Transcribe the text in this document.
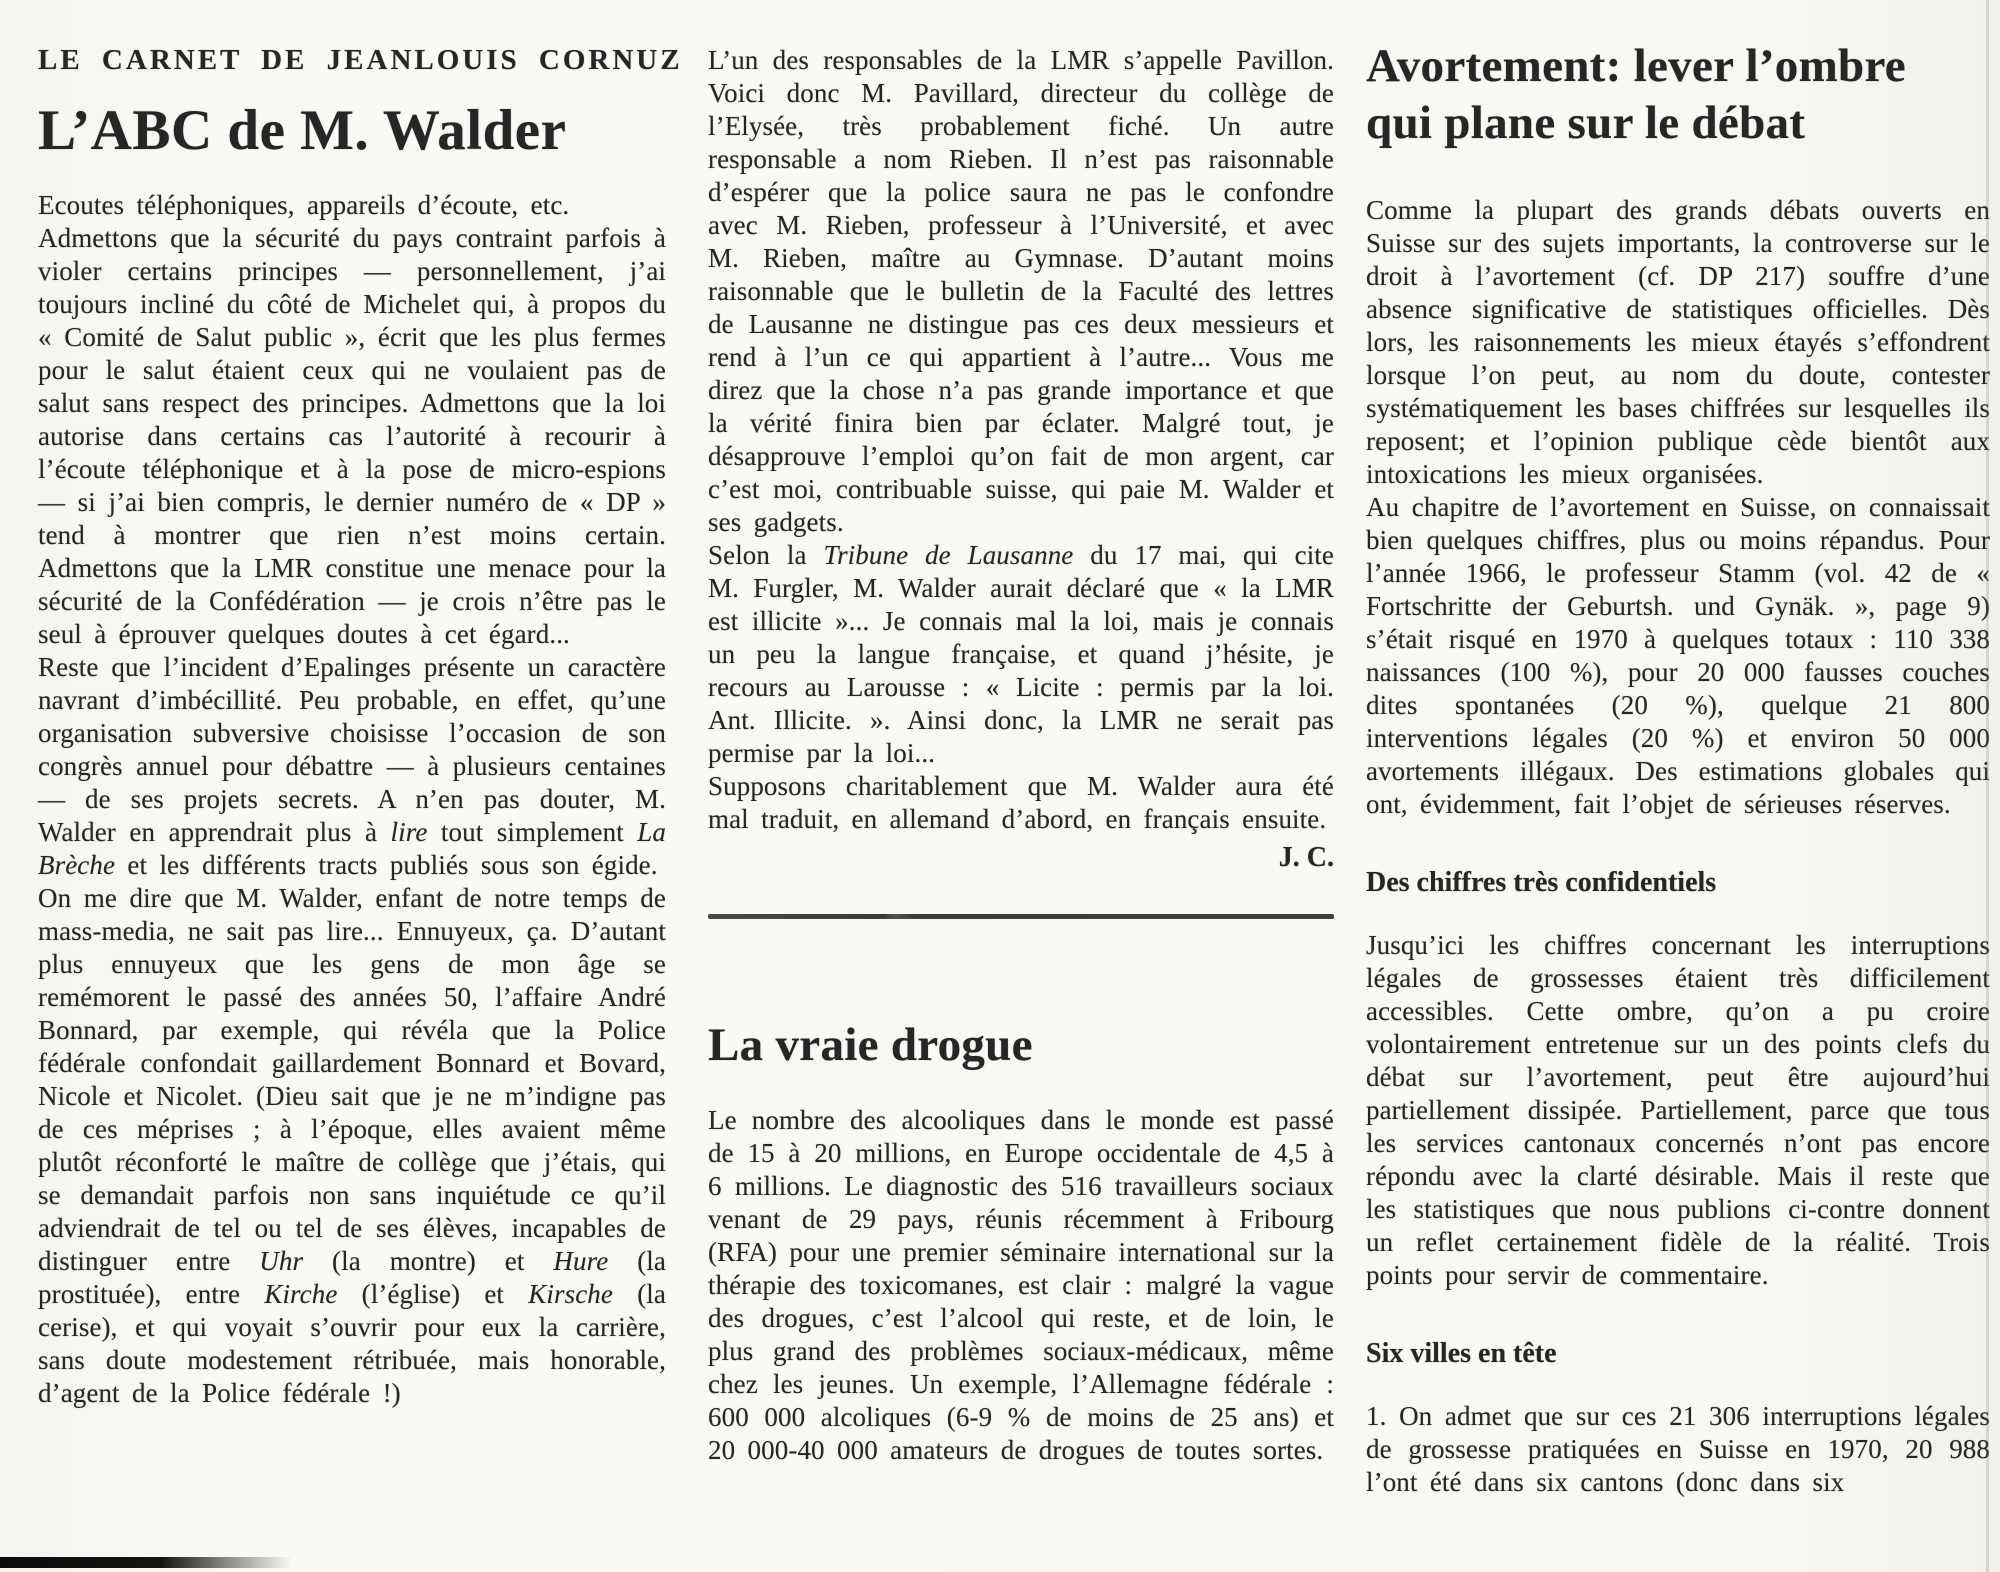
LE CARNET DE JEANLOUIS CORNUZ
L’ABC de M. Walder

Ecoutes téléphoniques, appareils d’écoute, etc.

Admettons que la sécurité du pays contraint parfois à violer certains principes — personnellement, j’ai toujours incliné du côté de Michelet qui, à propos du « Comité de Salut public », écrit que les plus fermes pour le salut étaient ceux qui ne voulaient pas de salut sans respect des principes. Admettons que la loi autorise dans certains cas l’autorité à recourir à l’écoute téléphonique et à la pose de micro-espions — si j’ai bien compris, le dernier numéro de « DP » tend à montrer que rien n’est moins certain. Admettons que la LMR constitue une menace pour la sécurité de la Confédération — je crois n’être pas le seul à éprouver quelques doutes à cet égard...

Reste que l’incident d’Epalinges présente un caractère navrant d’imbécillité. Peu probable, en effet, qu’une organisation subversive choisisse l’occasion de son congrès annuel pour débattre — à plusieurs centaines — de ses projets secrets. A n’en pas douter, M. Walder en apprendrait plus à lire tout simplement La Brèche et les différents tracts publiés sous son égide.

On me dire que M. Walder, enfant de notre temps de mass-media, ne sait pas lire... Ennuyeux, ça. D’autant plus ennuyeux que les gens de mon âge se remémorent le passé des années 50, l’affaire André Bonnard, par exemple, qui révéla que la Police fédérale confondait gaillardement Bonnard et Bovard, Nicole et Nicolet. (Dieu sait que je ne m’indigne pas de ces méprises ; à l’époque, elles avaient même plutôt réconforté le maître de collège que j’étais, qui se demandait parfois non sans inquiétude ce qu’il adviendrait de tel ou tel de ses élèves, incapables de distinguer entre Uhr (la montre) et Hure (la prostituée), entre Kirche (l’église) et Kirsche (la cerise), et qui voyait s’ouvrir pour eux la carrière, sans doute modestement rétribuée, mais honorable, d’agent de la Police fédérale !)

L’un des responsables de la LMR s’appelle Pavillon. Voici donc M. Pavillard, directeur du collège de l’Elysée, très probablement fiché. Un autre responsable a nom Rieben. Il n’est pas raisonnable d’espérer que la police saura ne pas le confondre avec M. Rieben, professeur à l’Université, et avec M. Rieben, maître au Gymnase. D’autant moins raisonnable que le bulletin de la Faculté des lettres de Lausanne ne distingue pas ces deux messieurs et rend à l’un ce qui appartient à l’autre... Vous me direz que la chose n’a pas grande importance et que la vérité finira bien par éclater. Malgré tout, je désapprouve l’emploi qu’on fait de mon argent, car c’est moi, contribuable suisse, qui paie M. Walder et ses gadgets.

Selon la Tribune de Lausanne du 17 mai, qui cite M. Furgler, M. Walder aurait déclaré que « la LMR est illicite »... Je connais mal la loi, mais je connais un peu la langue française, et quand j’hésite, je recours au Larousse : « Licite : permis par la loi. Ant. Illicite. ». Ainsi donc, la LMR ne serait pas permise par la loi...

Supposons charitablement que M. Walder aura été mal traduit, en allemand d’abord, en français ensuite.

J. C.
La vraie drogue

Le nombre des alcooliques dans le monde est passé de 15 à 20 millions, en Europe occidentale de 4,5 à 6 millions. Le diagnostic des 516 travailleurs sociaux venant de 29 pays, réunis récemment à Fribourg (RFA) pour une premier séminaire international sur la thérapie des toxicomanes, est clair : malgré la vague des drogues, c’est l’alcool qui reste, et de loin, le plus grand des problèmes sociaux-médicaux, même chez les jeunes. Un exemple, l’Allemagne fédérale : 600 000 alcoliques (6-9 % de moins de 25 ans) et 20 000-40 000 amateurs de drogues de toutes sortes.

Avortement: lever l’ombre
qui plane sur le débat

Comme la plupart des grands débats ouverts en Suisse sur des sujets importants, la controverse sur le droit à l’avortement (cf. DP 217) souffre d’une absence significative de statistiques officielles. Dès lors, les raisonnements les mieux étayés s’effondrent lorsque l’on peut, au nom du doute, contester systématiquement les bases chiffrées sur lesquelles ils reposent; et l’opinion publique cède bientôt aux intoxications les mieux organisées.

Au chapitre de l’avortement en Suisse, on connaissait bien quelques chiffres, plus ou moins répandus. Pour l’année 1966, le professeur Stamm (vol. 42 de « Fortschritte der Geburtsh. und Gynäk. », page 9) s’était risqué en 1970 à quelques totaux : 110 338 naissances (100 %), pour 20 000 fausses couches dites spontanées (20 %), quelque 21 800 interventions légales (20 %) et environ 50 000 avortements illégaux. Des estimations globales qui ont, évidemment, fait l’objet de sérieuses réserves.

Des chiffres très confidentiels

Jusqu’ici les chiffres concernant les interruptions légales de grossesses étaient très difficilement accessibles. Cette ombre, qu’on a pu croire volontairement entretenue sur un des points clefs du débat sur l’avortement, peut être aujourd’hui partiellement dissipée. Partiellement, parce que tous les services cantonaux concernés n’ont pas encore répondu avec la clarté désirable. Mais il reste que les statistiques que nous publions ci-contre donnent un reflet certainement fidèle de la réalité. Trois points pour servir de commentaire.

Six villes en tête

1. On admet que sur ces 21 306 interruptions légales de grossesse pratiquées en Suisse en 1970, 20 988 l’ont été dans six cantons (donc dans six
